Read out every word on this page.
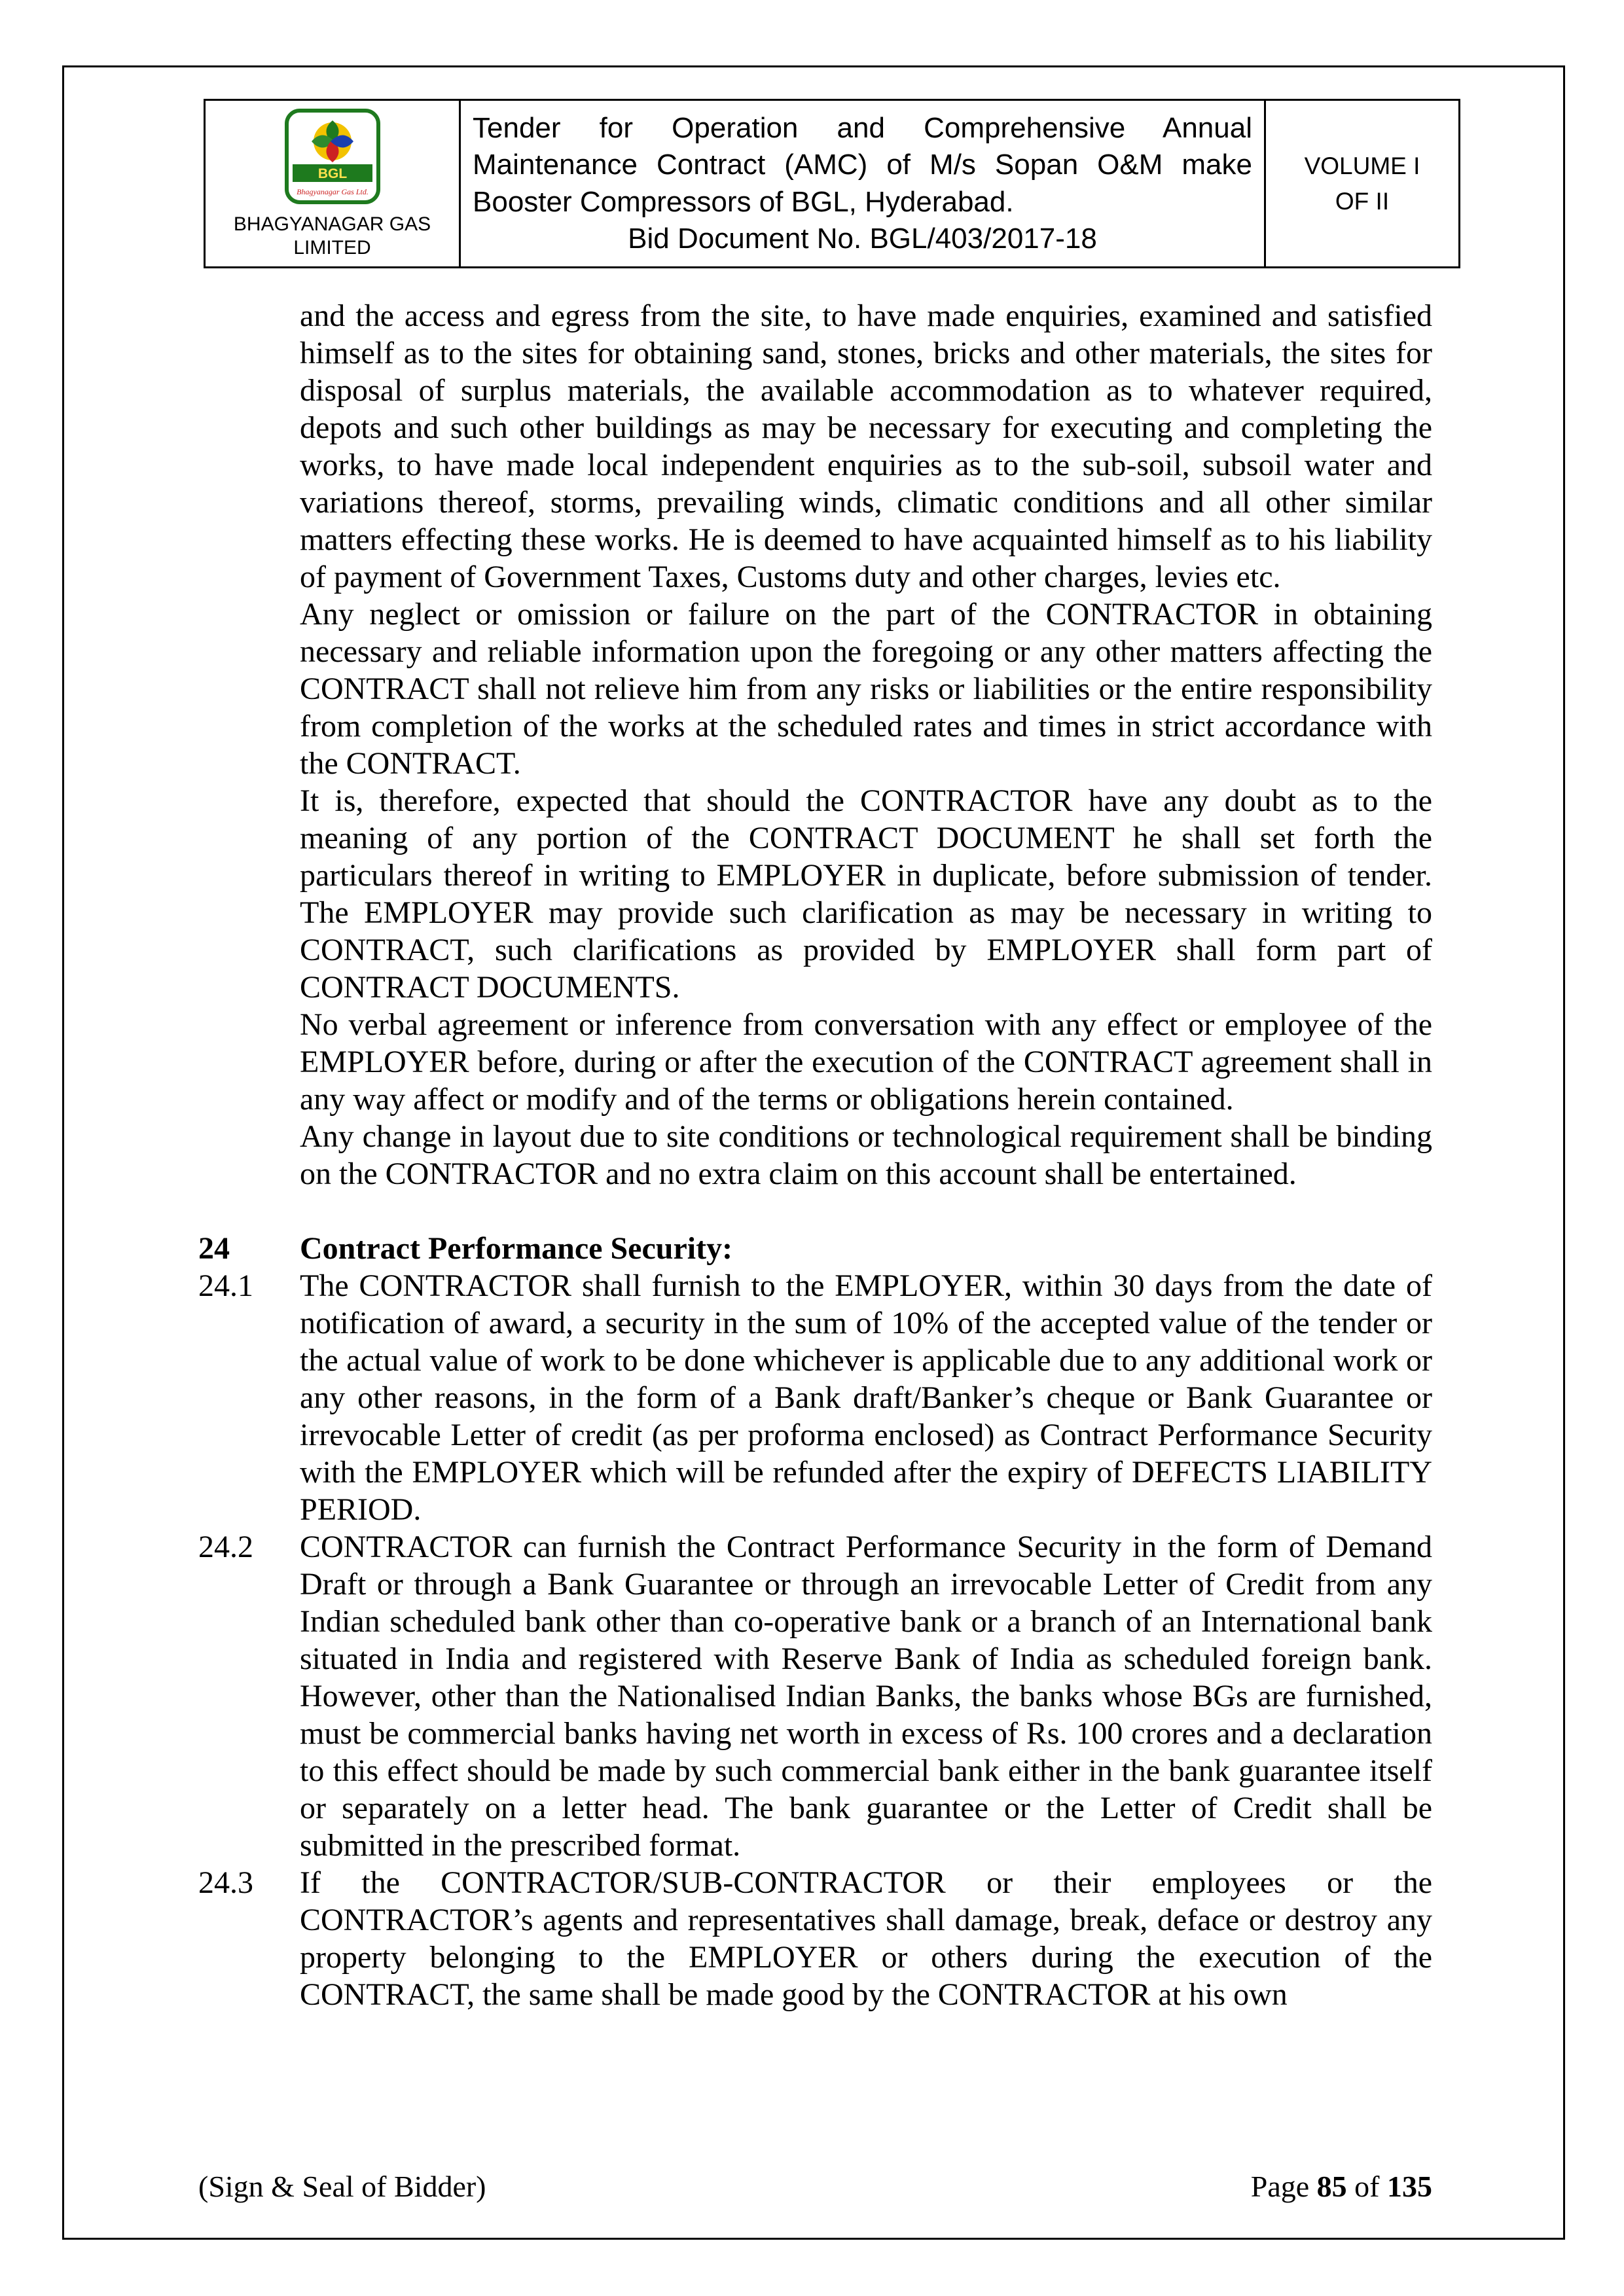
BGL
Bhagyanagar Gas Ltd.
BHAGYANAGAR GAS
LIMITED

Tender for Operation and Comprehensive Annual Maintenance Contract (AMC) of M/s Sopan O&M make Booster Compressors of BGL, Hyderabad.
Bid Document No. BGL/403/2017-18

VOLUME I
OF II

and the access and egress from the site, to have made enquiries, examined and satisfied himself as to the sites for obtaining sand, stones, bricks and other materials, the sites for disposal of surplus materials, the available accommodation as to whatever required, depots and such other buildings as may be necessary for executing and completing the works, to have made local independent enquiries as to the sub-soil, subsoil water and variations thereof, storms, prevailing winds, climatic conditions and all other similar matters effecting these works. He is deemed to have acquainted himself as to his liability of payment of Government Taxes, Customs duty and other charges, levies etc.

Any neglect or omission or failure on the part of the CONTRACTOR in obtaining necessary and reliable information upon the foregoing or any other matters affecting the CONTRACT shall not relieve him from any risks or liabilities or the entire responsibility from completion of the works at the scheduled rates and times in strict accordance with the CONTRACT.

It is, therefore, expected that should the CONTRACTOR have any doubt as to the meaning of any portion of the CONTRACT DOCUMENT he shall set forth the particulars thereof in writing to EMPLOYER in duplicate, before submission of tender. The EMPLOYER may provide such clarification as may be necessary in writing to CONTRACT, such clarifications as provided by EMPLOYER shall form part of CONTRACT DOCUMENTS.

No verbal agreement or inference from conversation with any effect or employee of the EMPLOYER before, during or after the execution of the CONTRACT agreement shall in any way affect or modify and of the terms or obligations herein contained.

Any change in layout due to site conditions or technological requirement shall be binding on the CONTRACTOR and no extra claim on this account shall be entertained.

24	Contract Performance Security:
24.1	The CONTRACTOR shall furnish to the EMPLOYER, within 30 days from the date of notification of award, a security in the sum of 10% of the accepted value of the tender or the actual value of work to be done whichever is applicable due to any additional work or any other reasons, in the form of a Bank draft/Banker’s cheque or Bank Guarantee or irrevocable Letter of credit (as per proforma enclosed) as Contract Performance Security with the EMPLOYER which will be refunded after the expiry of DEFECTS LIABILITY PERIOD.
24.2	CONTRACTOR can furnish the Contract Performance Security in the form of Demand Draft or through a Bank Guarantee or through an irrevocable Letter of Credit from any Indian scheduled bank other than co-operative bank or a branch of an International bank situated in India and registered with Reserve Bank of India as scheduled foreign bank. However, other than the Nationalised Indian Banks, the banks whose BGs are furnished, must be commercial banks having net worth in excess of Rs. 100 crores and a declaration to this effect should be made by such commercial bank either in the bank guarantee itself or separately on a letter head. The bank guarantee or the Letter of Credit shall be submitted in the prescribed format.
24.3	If the CONTRACTOR/SUB-CONTRACTOR or their employees or the CONTRACTOR’s agents and representatives shall damage, break, deface or destroy any property belonging to the EMPLOYER or others during the execution of the CONTRACT, the same shall be made good by the CONTRACTOR at his own
(Sign & Seal of Bidder)	Page 85 of 135
